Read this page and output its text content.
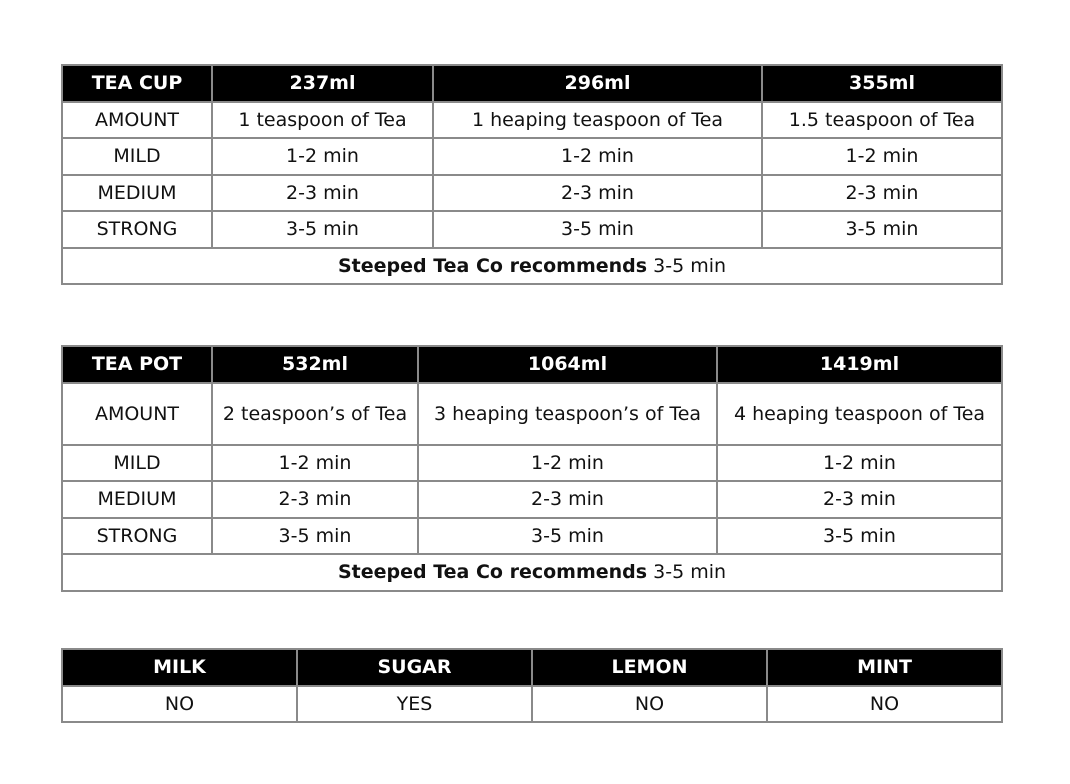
TEA CUP	237ml	296ml	355ml
AMOUNT	1 teaspoon of Tea	1 heaping teaspoon of Tea	1.5 teaspoon of Tea
MILD	1-2 min	1-2 min	1-2 min
MEDIUM	2-3 min	2-3 min	2-3 min
STRONG	3-5 min	3-5 min	3-5 min
Steeped Tea Co recommends 3-5 min			
TEA POT	532ml	1064ml	1419ml
AMOUNT	2 teaspoon’s of Tea	3 heaping teaspoon’s of Tea	4 heaping teaspoon of Tea
MILD	1-2 min	1-2 min	1-2 min
MEDIUM	2-3 min	2-3 min	2-3 min
STRONG	3-5 min	3-5 min	3-5 min
Steeped Tea Co recommends 3-5 min			
MILK	SUGAR	LEMON	MINT
NO	YES	NO	NO
